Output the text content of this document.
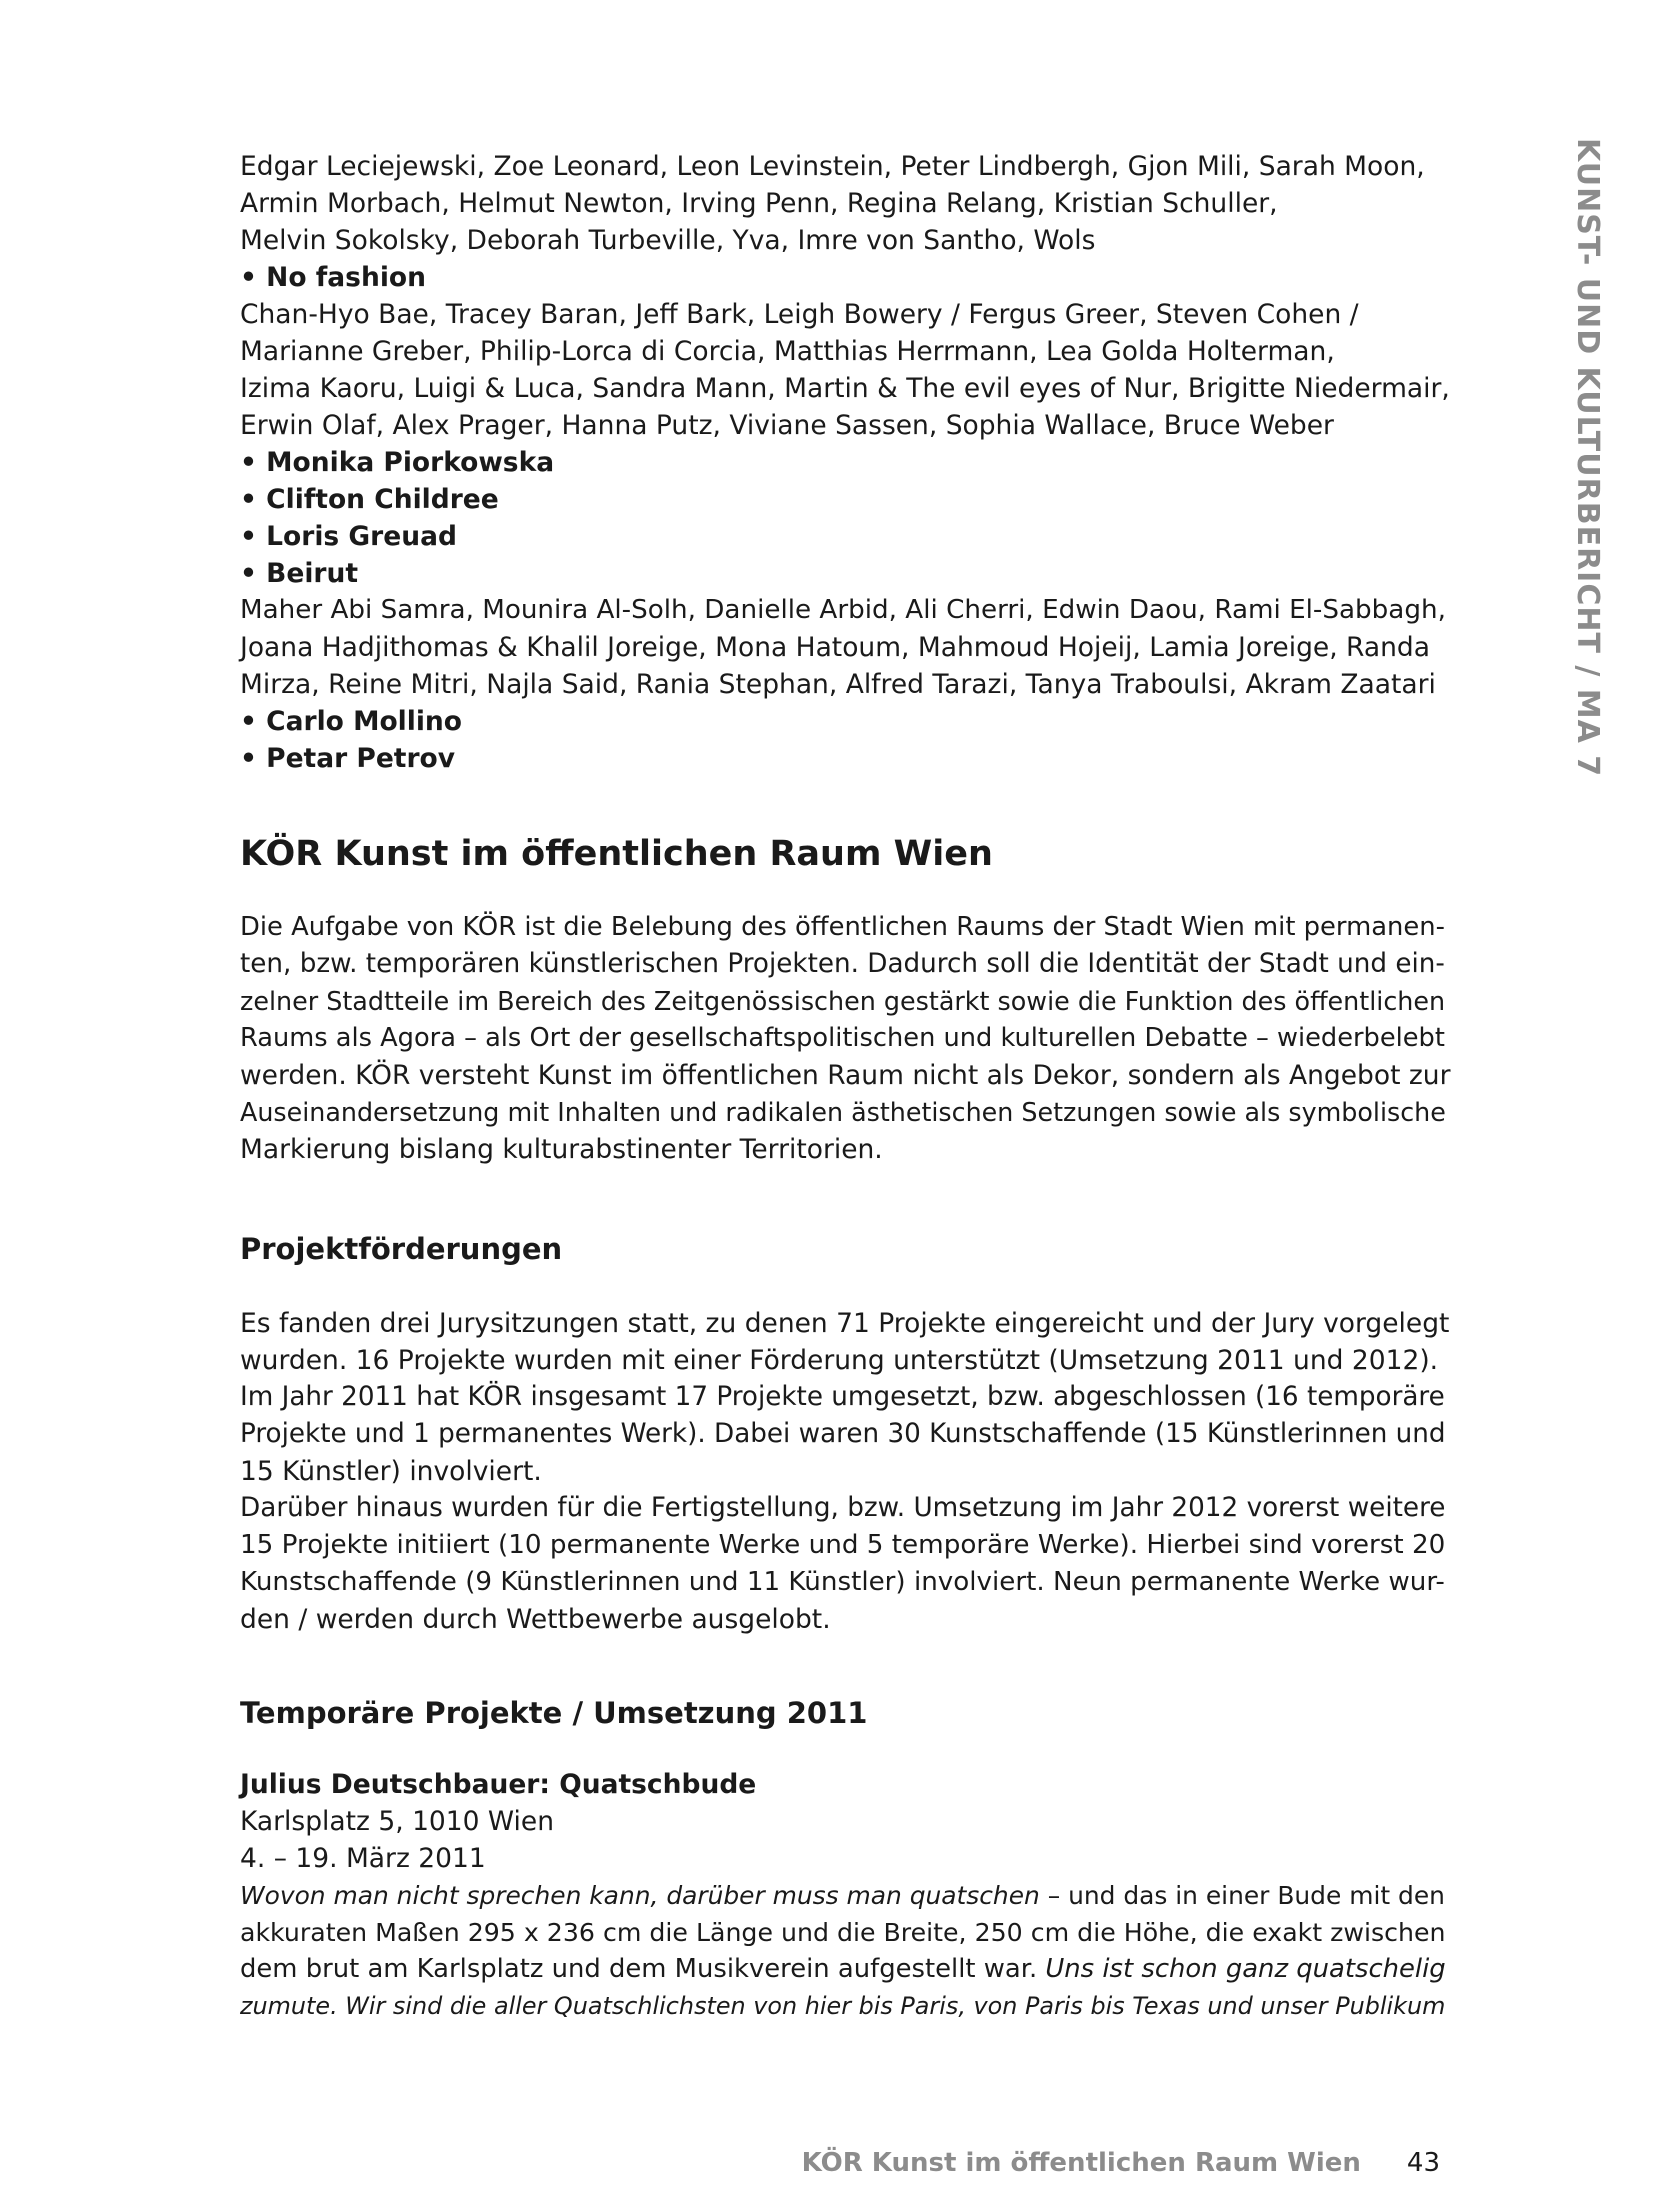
KUNST- UND KULTURBERICHT / MA 7
Edgar Leciejewski, Zoe Leonard, Leon Levinstein, Peter Lindbergh, Gjon Mili, Sarah Moon,
Armin Morbach, Helmut Newton, Irving Penn, Regina Relang, Kristian Schuller,
Melvin Sokolsky, Deborah Turbeville, Yva, Imre von Santho, Wols
• No fashion
Chan-Hyo Bae, Tracey Baran, Jeff Bark, Leigh Bowery / Fergus Greer, Steven Cohen /
Marianne Greber, Philip-Lorca di Corcia, Matthias Herrmann, Lea Golda Holterman,
Izima Kaoru, Luigi & Luca, Sandra Mann, Martin & The evil eyes of Nur, Brigitte Niedermair,
Erwin Olaf, Alex Prager, Hanna Putz, Viviane Sassen, Sophia Wallace, Bruce Weber
• Monika Piorkowska
• Clifton Childree
• Loris Greuad
• Beirut
Maher Abi Samra, Mounira Al-Solh, Danielle Arbid, Ali Cherri, Edwin Daou, Rami El-Sabbagh,
Joana Hadjithomas & Khalil Joreige, Mona Hatoum, Mahmoud Hojeij, Lamia Joreige, Randa
Mirza, Reine Mitri, Najla Said, Rania Stephan, Alfred Tarazi, Tanya Traboulsi, Akram Zaatari
• Carlo Mollino
• Petar Petrov
KÖR Kunst im öffentlichen Raum Wien
Die Aufgabe von KÖR ist die Belebung des öffentlichen Raums der Stadt Wien mit permanen-
ten, bzw. temporären künstlerischen Projekten. Dadurch soll die Identität der Stadt und ein-
zelner Stadtteile im Bereich des Zeitgenössischen gestärkt sowie die Funktion des öffentlichen
Raums als Agora – als Ort der gesellschaftspolitischen und kulturellen Debatte – wiederbelebt
werden. KÖR versteht Kunst im öffentlichen Raum nicht als Dekor, sondern als Angebot zur
Auseinandersetzung mit Inhalten und radikalen ästhetischen Setzungen sowie als symbolische
Markierung bislang kulturabstinenter Territorien.
Projektförderungen
Es fanden drei Jurysitzungen statt, zu denen 71 Projekte eingereicht und der Jury vorgelegt
wurden. 16 Projekte wurden mit einer Förderung unterstützt (Umsetzung 2011 und 2012).
Im Jahr 2011 hat KÖR insgesamt 17 Projekte umgesetzt, bzw. abgeschlossen (16 temporäre
Projekte und 1 permanentes Werk). Dabei waren 30 Kunstschaffende (15 Künstlerinnen und
15 Künstler) involviert.
Darüber hinaus wurden für die Fertigstellung, bzw. Umsetzung im Jahr 2012 vorerst weitere
15 Projekte initiiert (10 permanente Werke und 5 temporäre Werke). Hierbei sind vorerst 20
Kunstschaffende (9 Künstlerinnen und 11 Künstler) involviert. Neun permanente Werke wur-
den / werden durch Wettbewerbe ausgelobt.
Temporäre Projekte / Umsetzung 2011
Julius Deutschbauer: Quatschbude
Karlsplatz 5, 1010 Wien
4. – 19. März 2011
Wovon man nicht sprechen kann, darüber muss man quatschen – und das in einer Bude mit den
akkuraten Maßen 295 x 236 cm die Länge und die Breite, 250 cm die Höhe, die exakt zwischen
dem brut am Karlsplatz und dem Musikverein aufgestellt war. Uns ist schon ganz quatschelig
zumute. Wir sind die aller Quatschlichsten von hier bis Paris, von Paris bis Texas und unser Publikum
KÖR Kunst im öffentlichen Raum Wien 43
